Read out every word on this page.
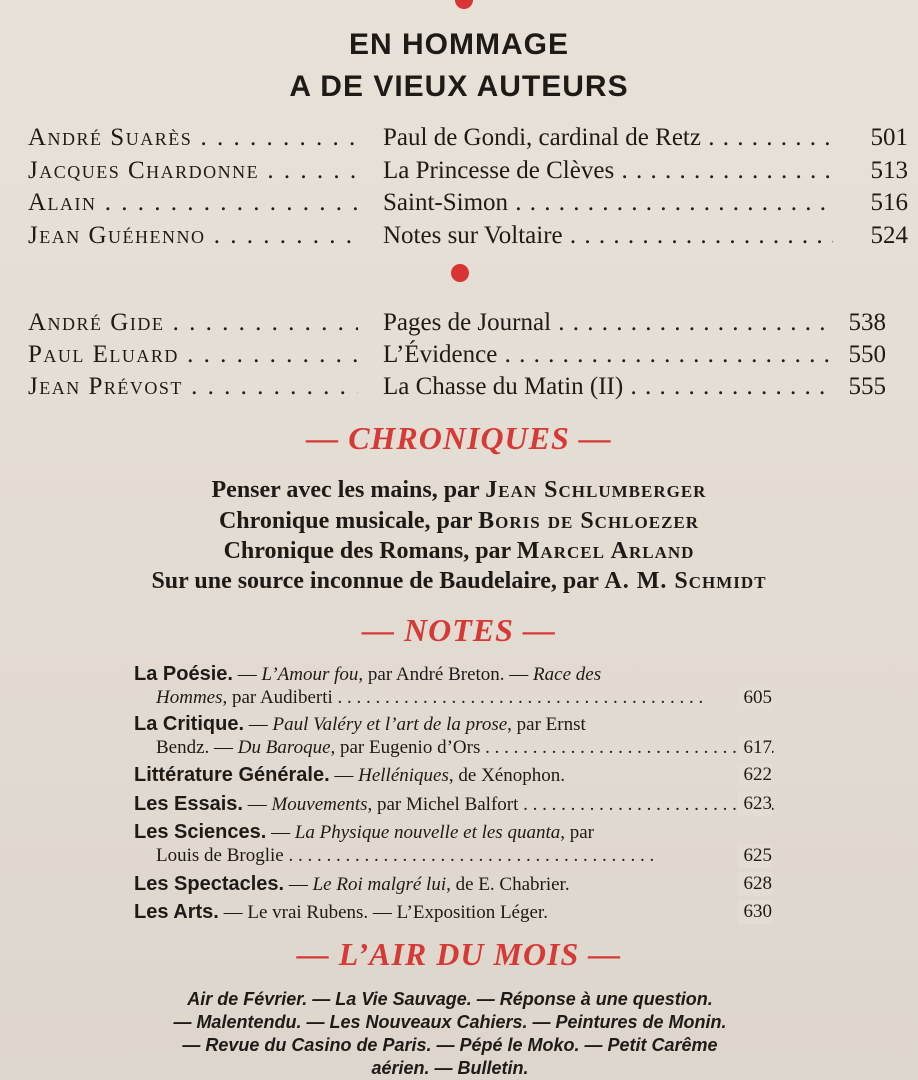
EN HOMMAGE
A DE VIEUX AUTEURS
André Suarès . . .	Paul de Gondi, cardinal de Retz . . .	501
Jacques Chardonne . . .	La Princesse de Clèves . . .	513
Alain . . .	Saint-Simon . . .	516
Jean Guéhenno . . .	Notes sur Voltaire . . .	524
André Gide . . .	Pages de Journal . . .	538
Paul Eluard . . .	L’Évidence . . .	550
Jean Prévost . . .	La Chasse du Matin (II) . . .	555
— CHRONIQUES —
Penser avec les mains, par Jean Schlumberger
Chronique musicale, par Boris de Schloezer
Chronique des Romans, par Marcel Arland
Sur une source inconnue de Baudelaire, par A. M. Schmidt
— NOTES —
La Poésie. — L’Amour fou, par André Breton. — Race des
Hommes, par Audiberti	605
. . .
La Critique. — Paul Valéry et l’art de la prose, par Ernst
Bendz. — Du Baroque, par Eugenio d’Ors	617
. . .
Littérature Générale. — Helléniques, de Xénophon.	622
Les Essais. — Mouvements, par Michel Balfort	623
. . .
Les Sciences. — La Physique nouvelle et les quanta, par
Louis de Broglie	625
. . .
Les Spectacles. — Le Roi malgré lui, de E. Chabrier.	628
Les Arts. — Le vrai Rubens. — L’Exposition Léger.	630
— L’AIR DU MOIS —
Air de Février. — La Vie Sauvage. — Réponse à une question.
— Malentendu. — Les Nouveaux Cahiers. — Peintures de Monin.
— Revue du Casino de Paris. — Pépé le Moko. — Petit Carême
aérien. — Bulletin.
